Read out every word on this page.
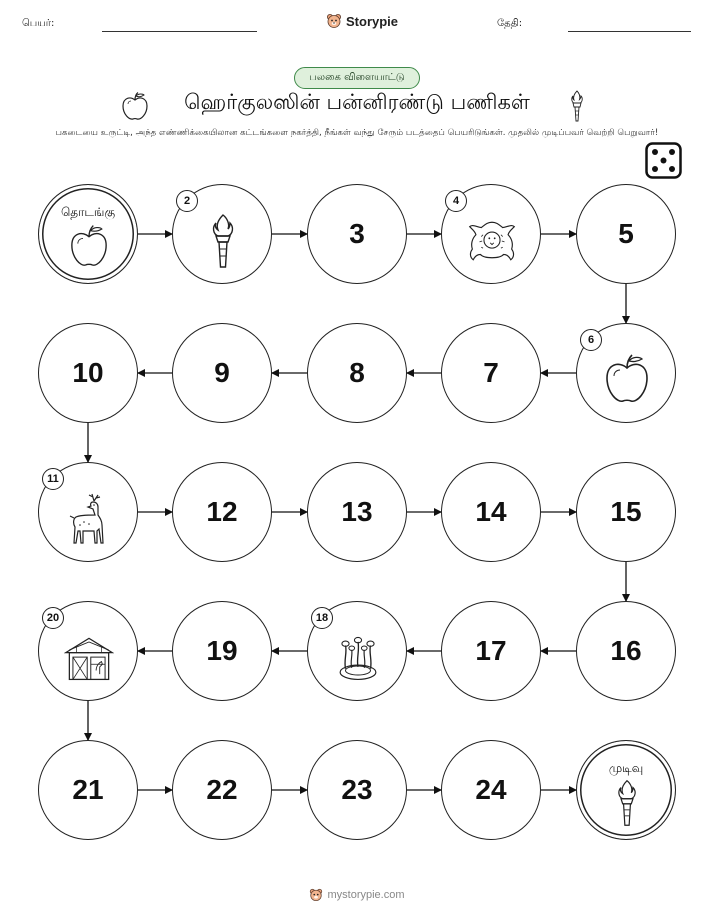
பெயர்:	Storypie	தேதி:
பலகை விளையாட்டு
ஹெர்குலஸின் பன்னிரண்டு பணிகள்
பகடையை உருட்டி, அந்த எண்ணிக்கையிலான கட்டங்களை நகர்த்தி, நீங்கள் வந்து சேரும் படத்தைப் பெயரிடுங்கள். முதலில் முடிப்பவர் வெற்றி பெறுவார்!
தொடங்கு
2
3
4
5
6
7
8
9
10
11
12	13	14	15
16
17
18
19
20
21	22	23	24
முடிவு
mystorypie.com
